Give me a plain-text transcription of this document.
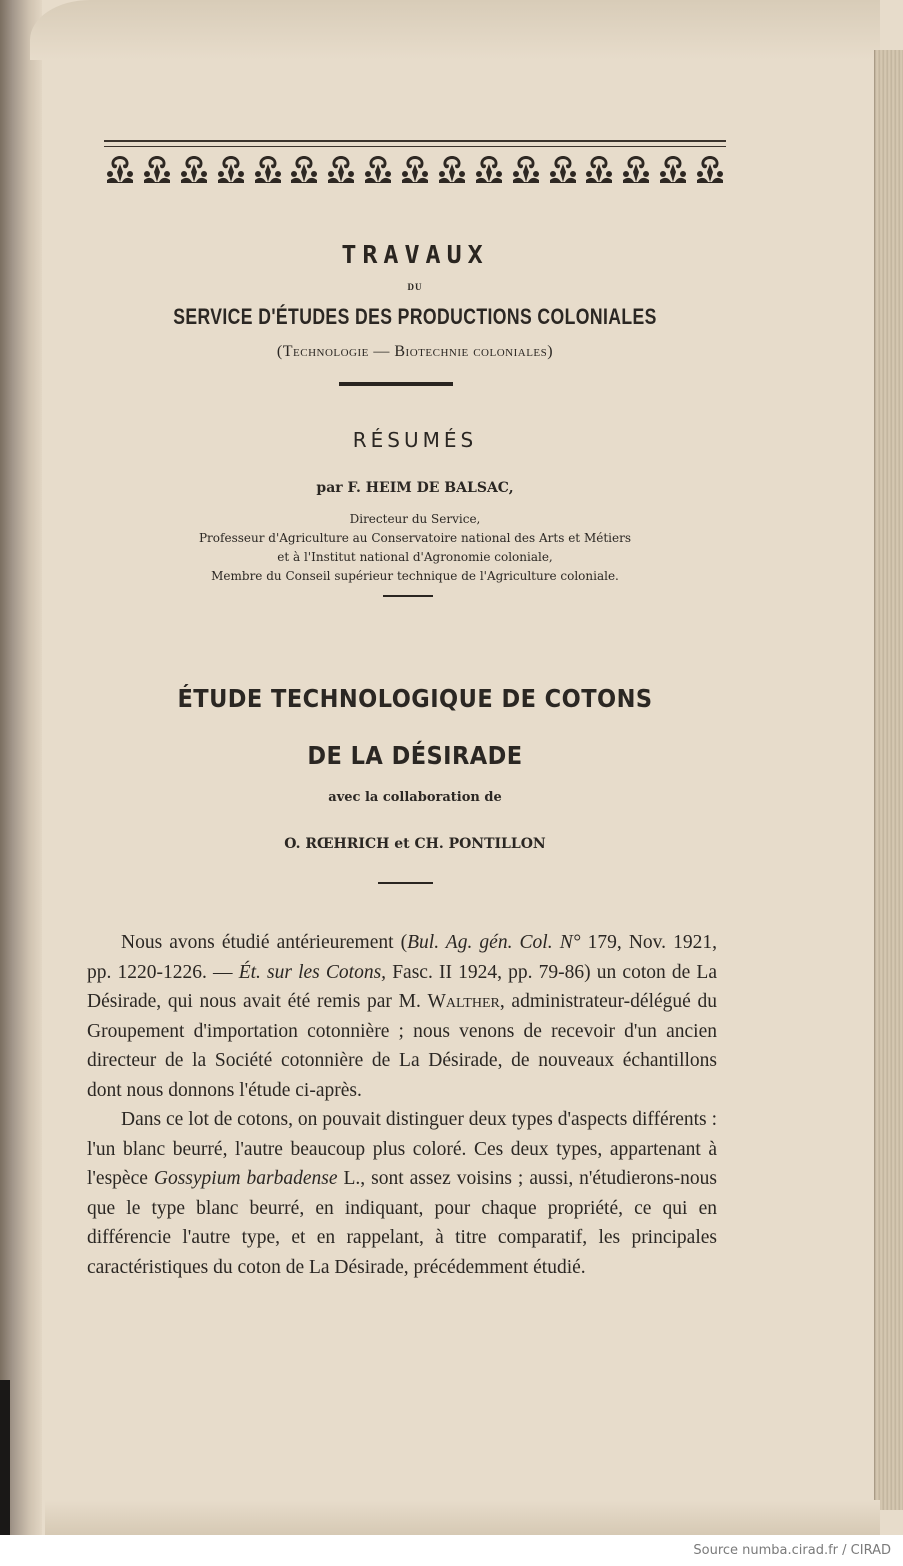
TRAVAUX
DU
SERVICE D'ÉTUDES DES PRODUCTIONS COLONIALES
(Technologie — Biotechnie coloniales)
RÉSUMÉS
par F. HEIM DE BALSAC,
Directeur du Service,
Professeur d'Agriculture au Conservatoire national des Arts et Métiers
et à l'Institut national d'Agronomie coloniale,
Membre du Conseil supérieur technique de l'Agriculture coloniale.
ÉTUDE TECHNOLOGIQUE DE COTONS
DE LA DÉSIRADE
avec la collaboration de
O. RŒHRICH et CH. PONTILLON

Nous avons étudié antérieurement (Bul. Ag. gén. Col. N° 179, Nov. 1921, pp. 1220-1226. — Ét. sur les Cotons, Fasc. II 1924, pp. 79-86) un coton de La Désirade, qui nous avait été remis par M. Walther, administrateur-délégué du Groupement d'importation cotonnière ; nous venons de recevoir d'un ancien directeur de la Société cotonnière de La Désirade, de nouveaux échantillons dont nous donnons l'étude ci-après.

Dans ce lot de cotons, on pouvait distinguer deux types d'aspects différents : l'un blanc beurré, l'autre beaucoup plus coloré. Ces deux types, appartenant à l'espèce Gossypium barbadense L., sont assez voisins ; aussi, n'étudierons-nous que le type blanc beurré, en indiquant, pour chaque propriété, ce qui en différencie l'autre type, et en rappelant, à titre comparatif, les principales caractéristiques du coton de La Désirade, précédemment étudié.

Source numba.cirad.fr / CIRAD
